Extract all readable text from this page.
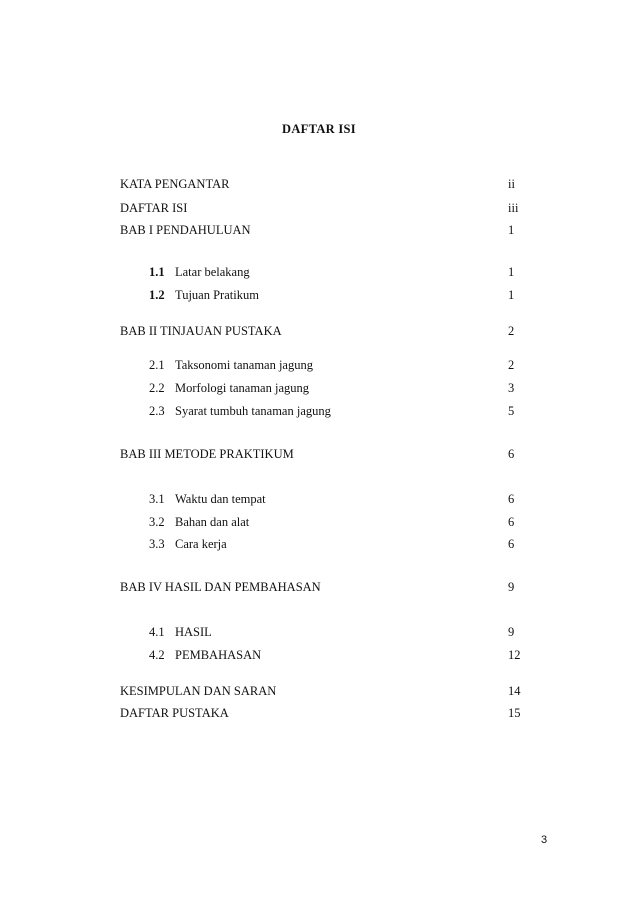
DAFTAR ISI
KATA PENGANTAR	ii
DAFTAR ISI	iii
BAB I PENDAHULUAN	1
1.1 Latar belakang	1
1.2 Tujuan Pratikum	1
BAB II TINJAUAN PUSTAKA	2
2.1 Taksonomi tanaman jagung	2
2.2 Morfologi tanaman jagung	3
2.3 Syarat tumbuh tanaman jagung	5
BAB III METODE PRAKTIKUM	6
3.1 Waktu dan tempat	6
3.2 Bahan dan alat	6
3.3 Cara kerja	6
BAB IV HASIL DAN PEMBAHASAN	9
4.1 HASIL	9
4.2 PEMBAHASAN	12
KESIMPULAN DAN SARAN	14
DAFTAR PUSTAKA	15
3
